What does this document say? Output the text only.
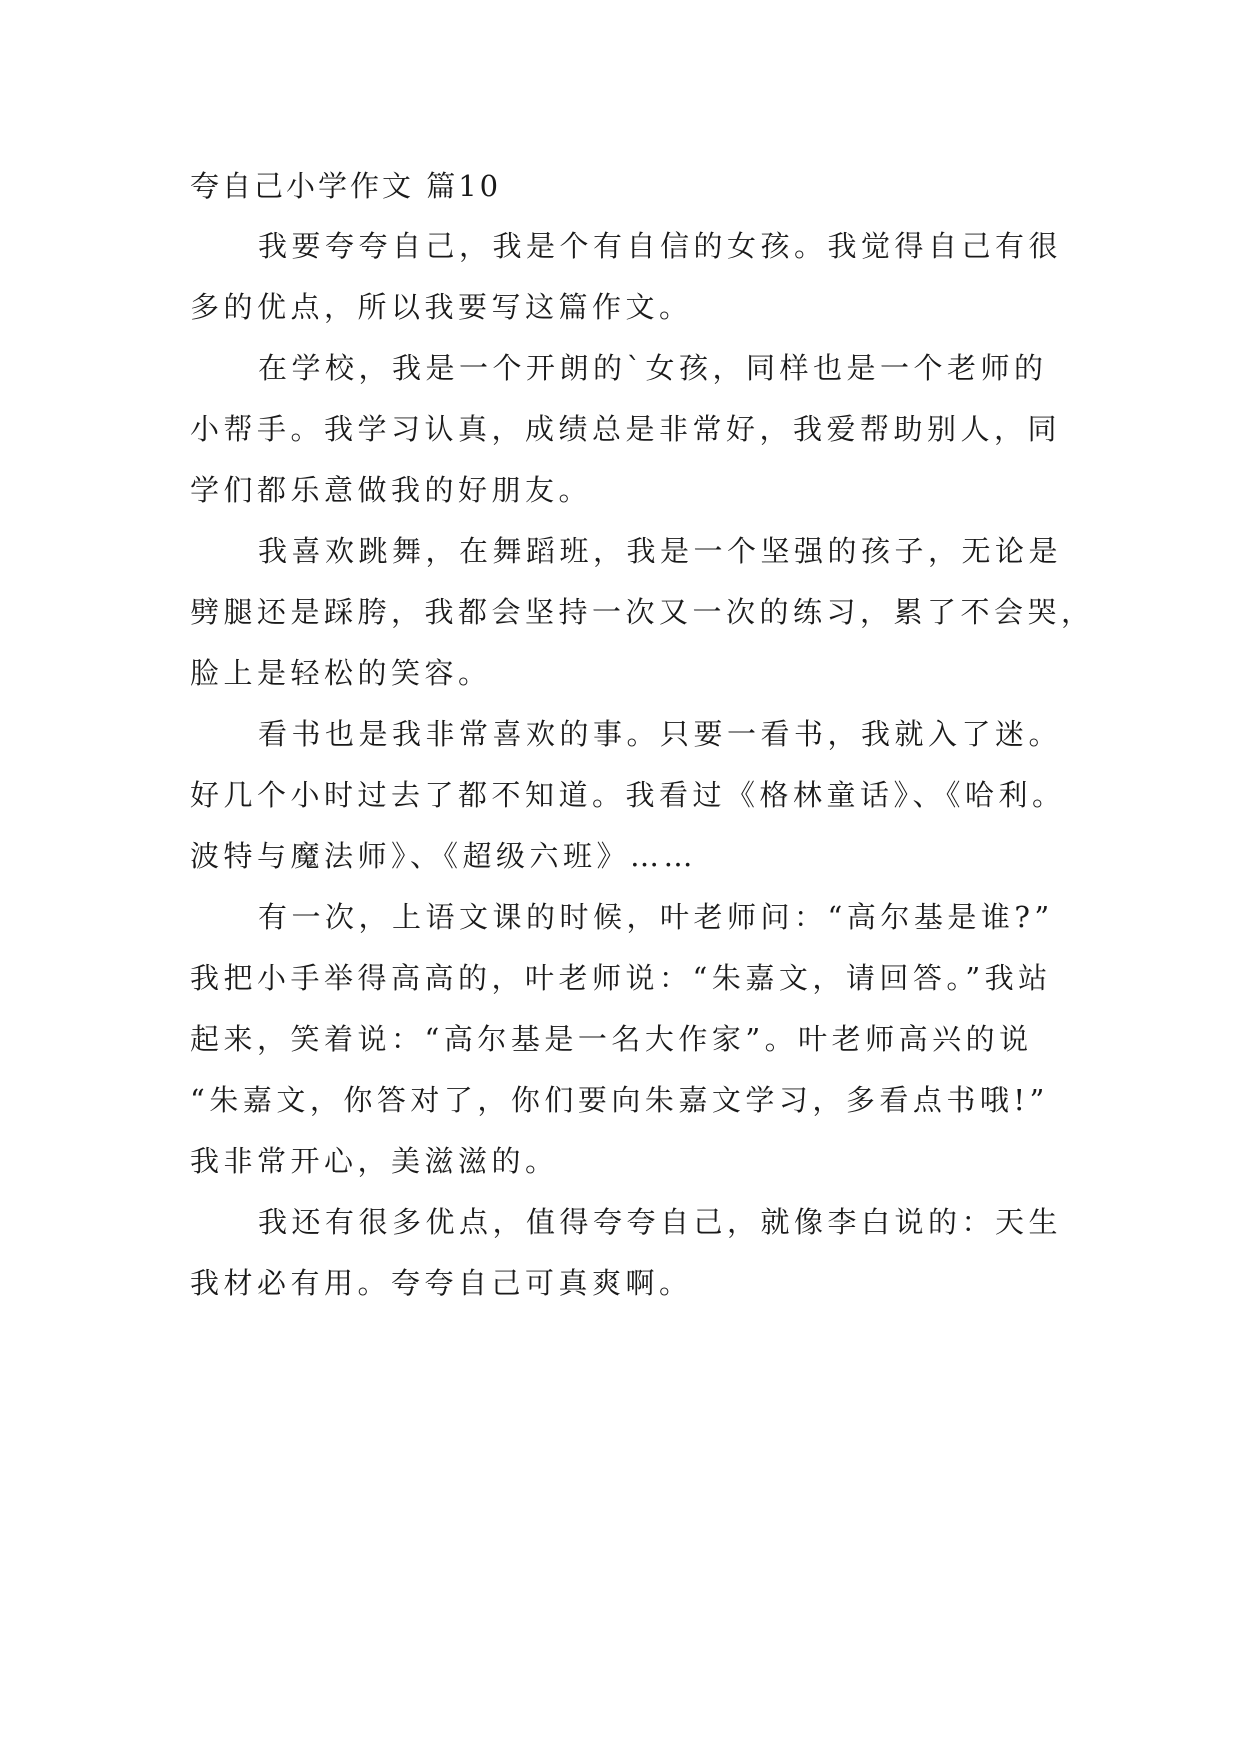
夸自己小学作文 篇10
我要夸夸自己，我是个有自信的女孩。我觉得自己有很
多的优点，所以我要写这篇作文。
在学校，我是一个开朗的`女孩，同样也是一个老师的
小帮手。我学习认真，成绩总是非常好，我爱帮助别人，同
学们都乐意做我的好朋友。
我喜欢跳舞，在舞蹈班，我是一个坚强的孩子，无论是
劈腿还是踩胯，我都会坚持一次又一次的练习，累了不会哭，
脸上是轻松的笑容。
看书也是我非常喜欢的事。只要一看书，我就入了迷。
好几个小时过去了都不知道。我看过《格林童话》、《哈利。
波特与魔法师》、《超级六班》……
有一次，上语文课的时候，叶老师问：“高尔基是谁?”
我把小手举得高高的，叶老师说：“朱嘉文，请回答。”我站
起来，笑着说：“高尔基是一名大作家”。叶老师高兴的说
“朱嘉文，你答对了，你们要向朱嘉文学习，多看点书哦!”
我非常开心，美滋滋的。
我还有很多优点，值得夸夸自己，就像李白说的：天生
我材必有用。夸夸自己可真爽啊。
